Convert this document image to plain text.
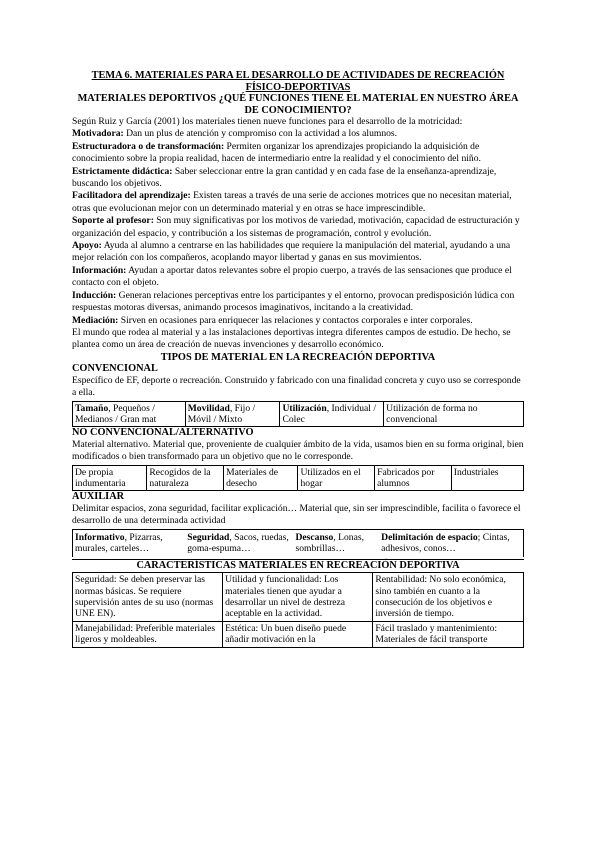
TEMA 6. MATERIALES PARA EL DESARROLLO DE ACTIVIDADES DE RECREACIÓN FÍSICO-DEPORTIVAS
MATERIALES DEPORTIVOS ¿QUÉ FUNCIONES TIENE EL MATERIAL EN NUESTRO ÁREA DE CONOCIMIENTO?

Según Ruiz y García (2001) los materiales tienen nueve funciones para el desarrollo de la motricidad:

Motivadora: Dan un plus de atención y compromiso con la actividad a los alumnos.

Estructuradora o de transformación: Permiten organizar los aprendizajes propiciando la adquisición de conocimiento sobre la propia realidad, hacen de intermediario entre la realidad y el conocimiento del niño.

Estrictamente didáctica: Saber seleccionar entre la gran cantidad y en cada fase de la enseñanza-aprendizaje, buscando los objetivos.

Facilitadora del aprendizaje: Existen tareas a través de una serie de acciones motrices que no necesitan material, otras que evolucionan mejor con un determinado material y en otras se hace imprescindible.

Soporte al profesor: Son muy significativas por los motivos de variedad, motivación, capacidad de estructuración y organización del espacio, y contribución a los sistemas de programación, control y evolución.

Apoyo: Ayuda al alumno a centrarse en las habilidades que requiere la manipulación del material, ayudando a una mejor relación con los compañeros, acoplando mayor libertad y ganas en sus movimientos.

Información: Ayudan a aportar datos relevantes sobre el propio cuerpo, a través de las sensaciones que produce el contacto con el objeto.

Inducción: Generan relaciones perceptivas entre los participantes y el entorno, provocan predisposición lúdica con respuestas motoras diversas, animando procesos imaginativos, incitando a la creatividad.

Mediación: Sirven en ocasiones para enriquecer las relaciones y contactos corporales e inter corporales.

El mundo que rodea al material y a las instalaciones deportivas integra diferentes campos de estudio. De hecho, se plantea como un área de creación de nuevas invenciones y desarrollo económico.

TIPOS DE MATERIAL EN LA RECREACIÓN DEPORTIVA
CONVENCIONAL

Específico de EF, deporte o recreación. Construido y fabricado con una finalidad concreta y cuyo uso se corresponde a ella.

Tamaño, Pequeños / Medianos / Gran mat	Movilidad, Fijo / Móvil / Mixto	Utilización, Individual / Colec	Utilización de forma no convencional
NO CONVENCIONAL/ALTERNATIVO

Material alternativo. Material que, proveniente de cualquier ámbito de la vida, usamos bien en su forma original, bien modificados o bien transformado para un objetivo que no le corresponde.

De propia indumentaria	Recogidos de la naturaleza	Materiales de desecho	Utilizados en el hogar	Fabricados por alumnos	Industriales
AUXILIAR

Delimitar espacios, zona seguridad, facilitar explicación… Material que, sin ser imprescindible, facilita o favorece el desarrollo de una determinada actividad

Informativo, Pizarras, murales, carteles…	Seguridad, Sacos, ruedas, goma-espuma…	Descanso, Lonas, sombrillas…	Delimitación de espacio; Cintas, adhesivos, conos…
CARACTERÍSTICAS MATERIALES EN RECREACIÓN DEPORTIVA
Seguridad: Se deben preservar las normas básicas. Se requiere supervisión antes de su uso (normas UNE EN).	Utilidad y funcionalidad: Los materiales tienen que ayudar a desarrollar un nivel de destreza aceptable en la actividad.	Rentabilidad: No solo económica, sino también en cuanto a la consecución de los objetivos e inversión de tiempo.
Manejabilidad: Preferible materiales ligeros y moldeables.	Estética: Un buen diseño puede añadir motivación en la	Fácil traslado y mantenimiento: Materiales de fácil transporte
